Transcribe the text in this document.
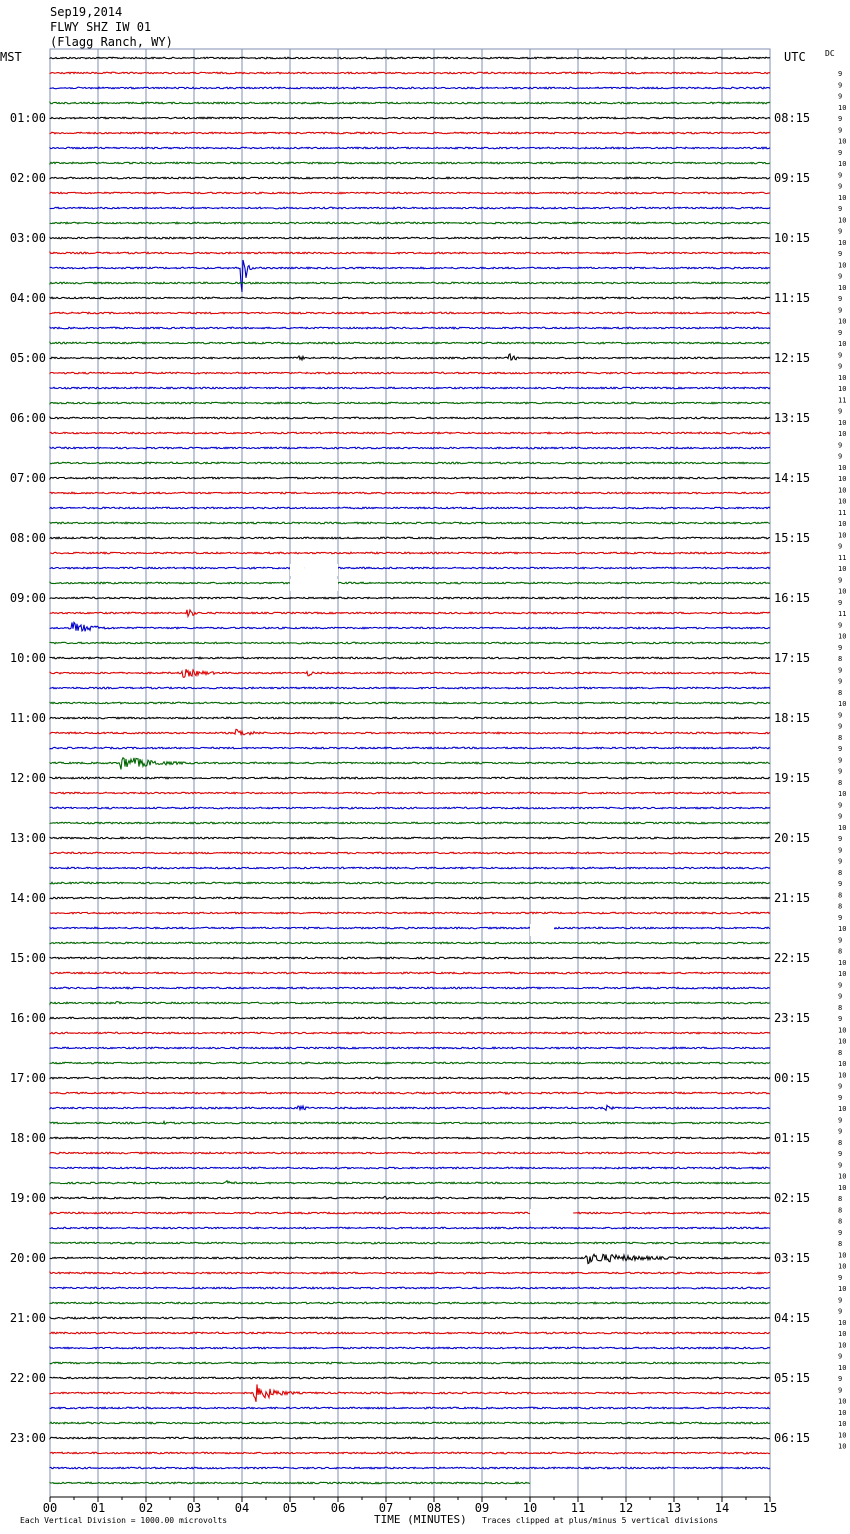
Sep19,2014
FLWY SHZ IW 01
(Flagg Ranch, WY)
MST	UTC DC
01:00
02:00
03:00
04:00
05:00
06:00
07:00
08:00
09:00
10:00
11:00
12:00
13:00
14:00
15:00
16:00
17:00
18:00
19:00
20:00
21:00
22:00
23:00
08:15
09:15
10:15
11:15
12:15
13:15
14:15
15:15
16:15
17:15
18:15
19:15
20:15
21:15
22:15
23:15
00:15
01:15
02:15
03:15
04:15
05:15
06:15
9
9
9
10
9
9
10
9
10
9
9
10
9
10
9
10
9
10
9
10
9
9
10
9
10
9
9
10
10
11
9
10
10
9
9
10
10
10
10
11
10
10
9
11
10
9
10
9
11
9
10
9
8
9
9
8
10
9
9
8
9
9
9
8
10
9
9
10
9
9
9
8
9
8
8
9
10
9
8
10
10
9
9
8
9
10
10
8
10
10
9
9
10
9
9
8
9
9
10
10
8
8
8
9
8
10
10
9
10
9
9
10
10
10
9
10
9
9
10
10
10
10
10
00	01	02	03	04	05	06	07	08	09	10	11	12	13	14	15
Each Vertical Division = 1000.00 microvolts	TIME (MINUTES) Traces clipped at plus/minus 5 vertical divisions
